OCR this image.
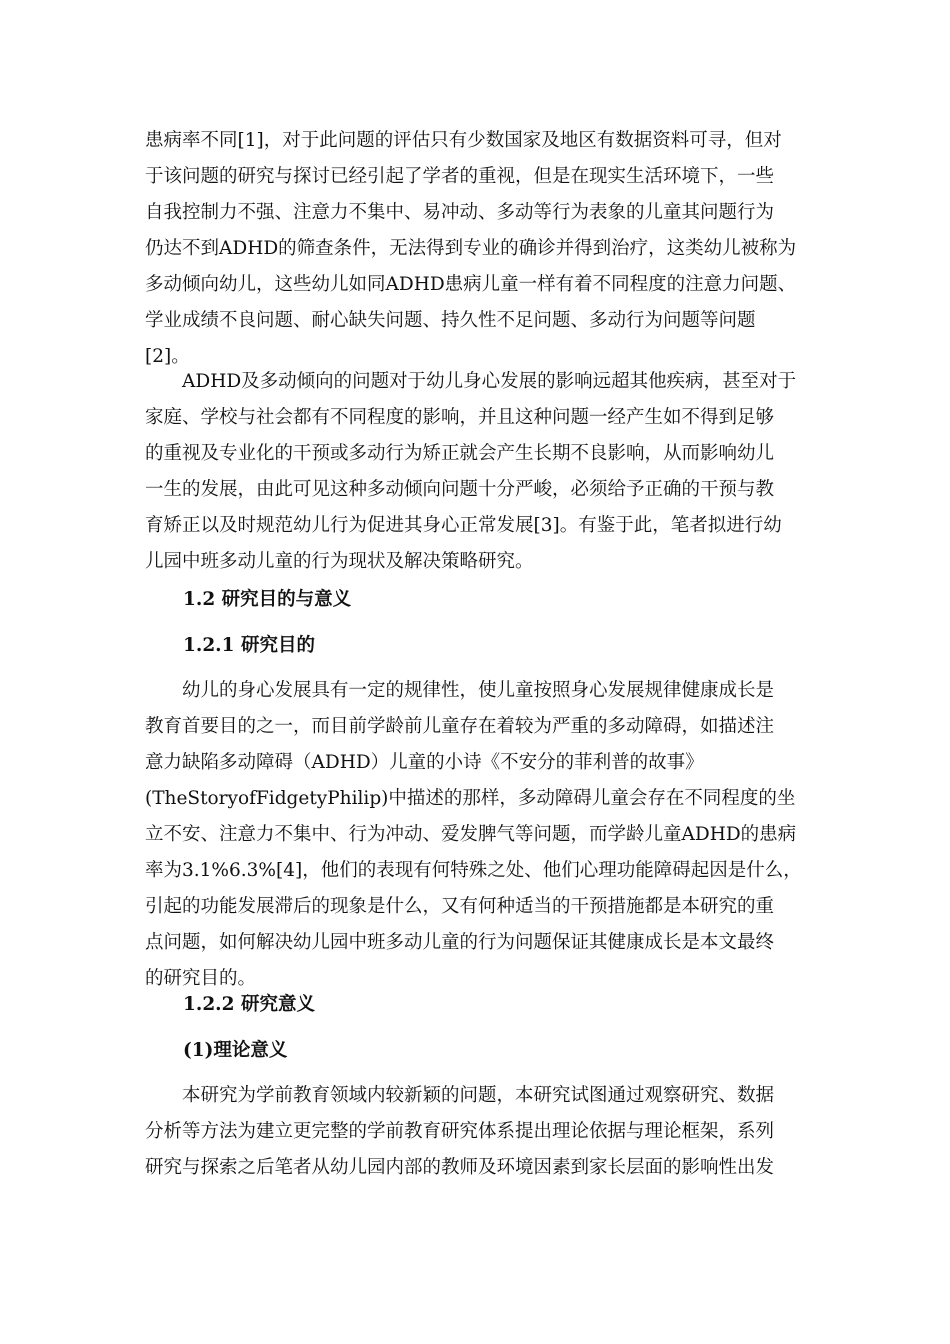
患病率不同[1]，对于此问题的评估只有少数国家及地区有数据资料可寻，但对
于该问题的研究与探讨已经引起了学者的重视，但是在现实生活环境下，一些
自我控制力不强、注意力不集中、易冲动、多动等行为表象的儿童其问题行为
仍达不到ADHD的筛查条件，无法得到专业的确诊并得到治疗，这类幼儿被称为
多动倾向幼儿，这些幼儿如同ADHD患病儿童一样有着不同程度的注意力问题、
学业成绩不良问题、耐心缺失问题、持久性不足问题、多动行为问题等问题
[2]。

　　ADHD及多动倾向的问题对于幼儿身心发展的影响远超其他疾病，甚至对于
家庭、学校与社会都有不同程度的影响，并且这种问题一经产生如不得到足够
的重视及专业化的干预或多动行为矫正就会产生长期不良影响，从而影响幼儿
一生的发展，由此可见这种多动倾向问题十分严峻，必须给予正确的干预与教
育矫正以及时规范幼儿行为促进其身心正常发展[3]。有鉴于此，笔者拟进行幼
儿园中班多动儿童的行为现状及解决策略研究。

1.2 研究目的与意义
1.2.1 研究目的

　　幼儿的身心发展具有一定的规律性，使儿童按照身心发展规律健康成长是
教育首要目的之一，而目前学龄前儿童存在着较为严重的多动障碍，如描述注
意力缺陷多动障碍（ADHD）儿童的小诗《不安分的菲利普的故事》
(TheStoryofFidgetyPhilip)中描述的那样，多动障碍儿童会存在不同程度的坐
立不安、注意力不集中、行为冲动、爱发脾气等问题，而学龄儿童ADHD的患病
率为3.1%6.3%[4]，他们的表现有何特殊之处、他们心理功能障碍起因是什么，
引起的功能发展滞后的现象是什么，又有何种适当的干预措施都是本研究的重
点问题，如何解决幼儿园中班多动儿童的行为问题保证其健康成长是本文最终
的研究目的。

1.2.2 研究意义
(1)理论意义

　　本研究为学前教育领域内较新颖的问题，本研究试图通过观察研究、数据
分析等方法为建立更完整的学前教育研究体系提出理论依据与理论框架，系列
研究与探索之后笔者从幼儿园内部的教师及环境因素到家长层面的影响性出发
